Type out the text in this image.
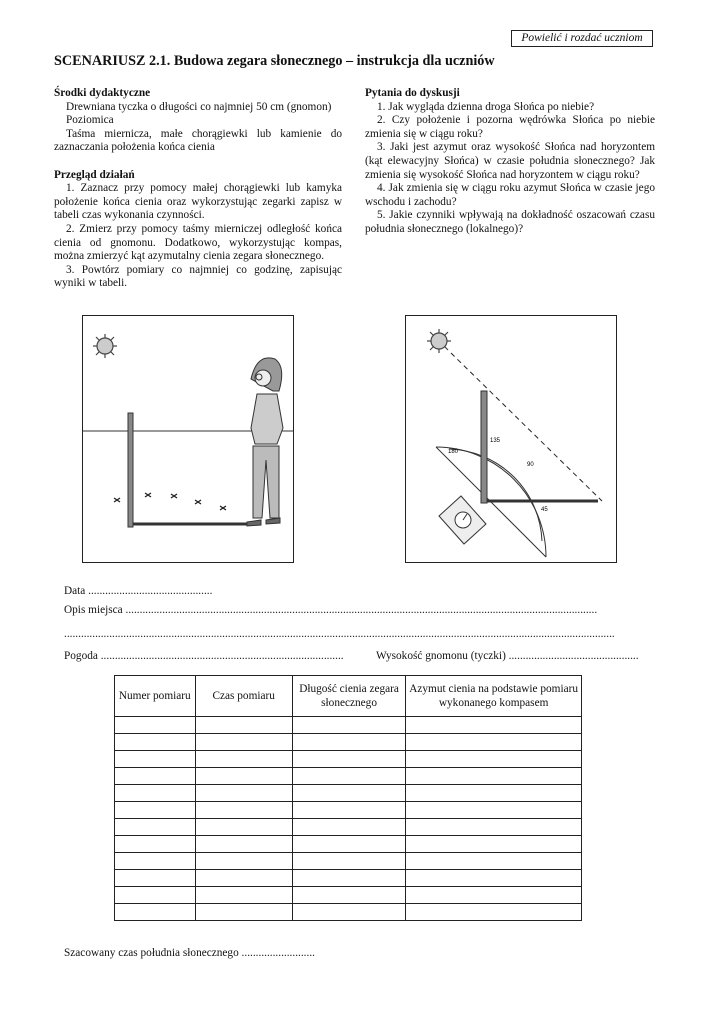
Powielić i rozdać uczniom
SCENARIUSZ 2.1. Budowa zegara słonecznego – instrukcja dla uczniów
Środki dydaktyczne

Drewniana tyczka o długości co najmniej 50 cm (gnomon)

Poziomica

Taśma miernicza, małe chorągiewki lub kamienie do zaznaczania położenia końca cienia

Przegląd działań

1. Zaznacz przy pomocy małej chorągiewki lub kamyka położenie końca cienia oraz wykorzystując zegarki zapisz w tabeli czas wykonania czynności.

2. Zmierz przy pomocy taśmy mierniczej odległość końca cienia od gnomonu. Dodatkowo, wykorzystując kompas, można zmierzyć kąt azymutalny cienia zegara słonecznego.

3. Powtórz pomiary co najmniej co godzinę, zapisując wyniki w tabeli.

Pytania do dyskusji

1. Jak wygląda dzienna droga Słońca po niebie?

2. Czy położenie i pozorna wędrówka Słońca po niebie zmienia się w ciągu roku?

3. Jaki jest azymut oraz wysokość Słońca nad horyzontem (kąt elewacyjny Słońca) w czasie południa słonecznego? Jak zmienia się wysokość Słońca nad horyzontem w ciągu roku?

4. Jak zmienia się w ciągu roku azymut Słońca w czasie jego wschodu i zachodu?

5. Jakie czynniki wpływają na dokładność oszacowań czasu południa słonecznego (lokalnego)?

135
90
45
180
Data ............................................
Opis miejsca .......................................................................................................................................................................
...................................................................................................................................................................................................
Pogoda ......................................................................................	Wysokość gnomonu (tyczki) ..............................................
Numer pomiaru	Czas pomiaru	Długość cienia zegara słonecznego	Azymut cienia na podstawie pomiaru wykonanego kompasem

Szacowany czas południa słonecznego ..........................
